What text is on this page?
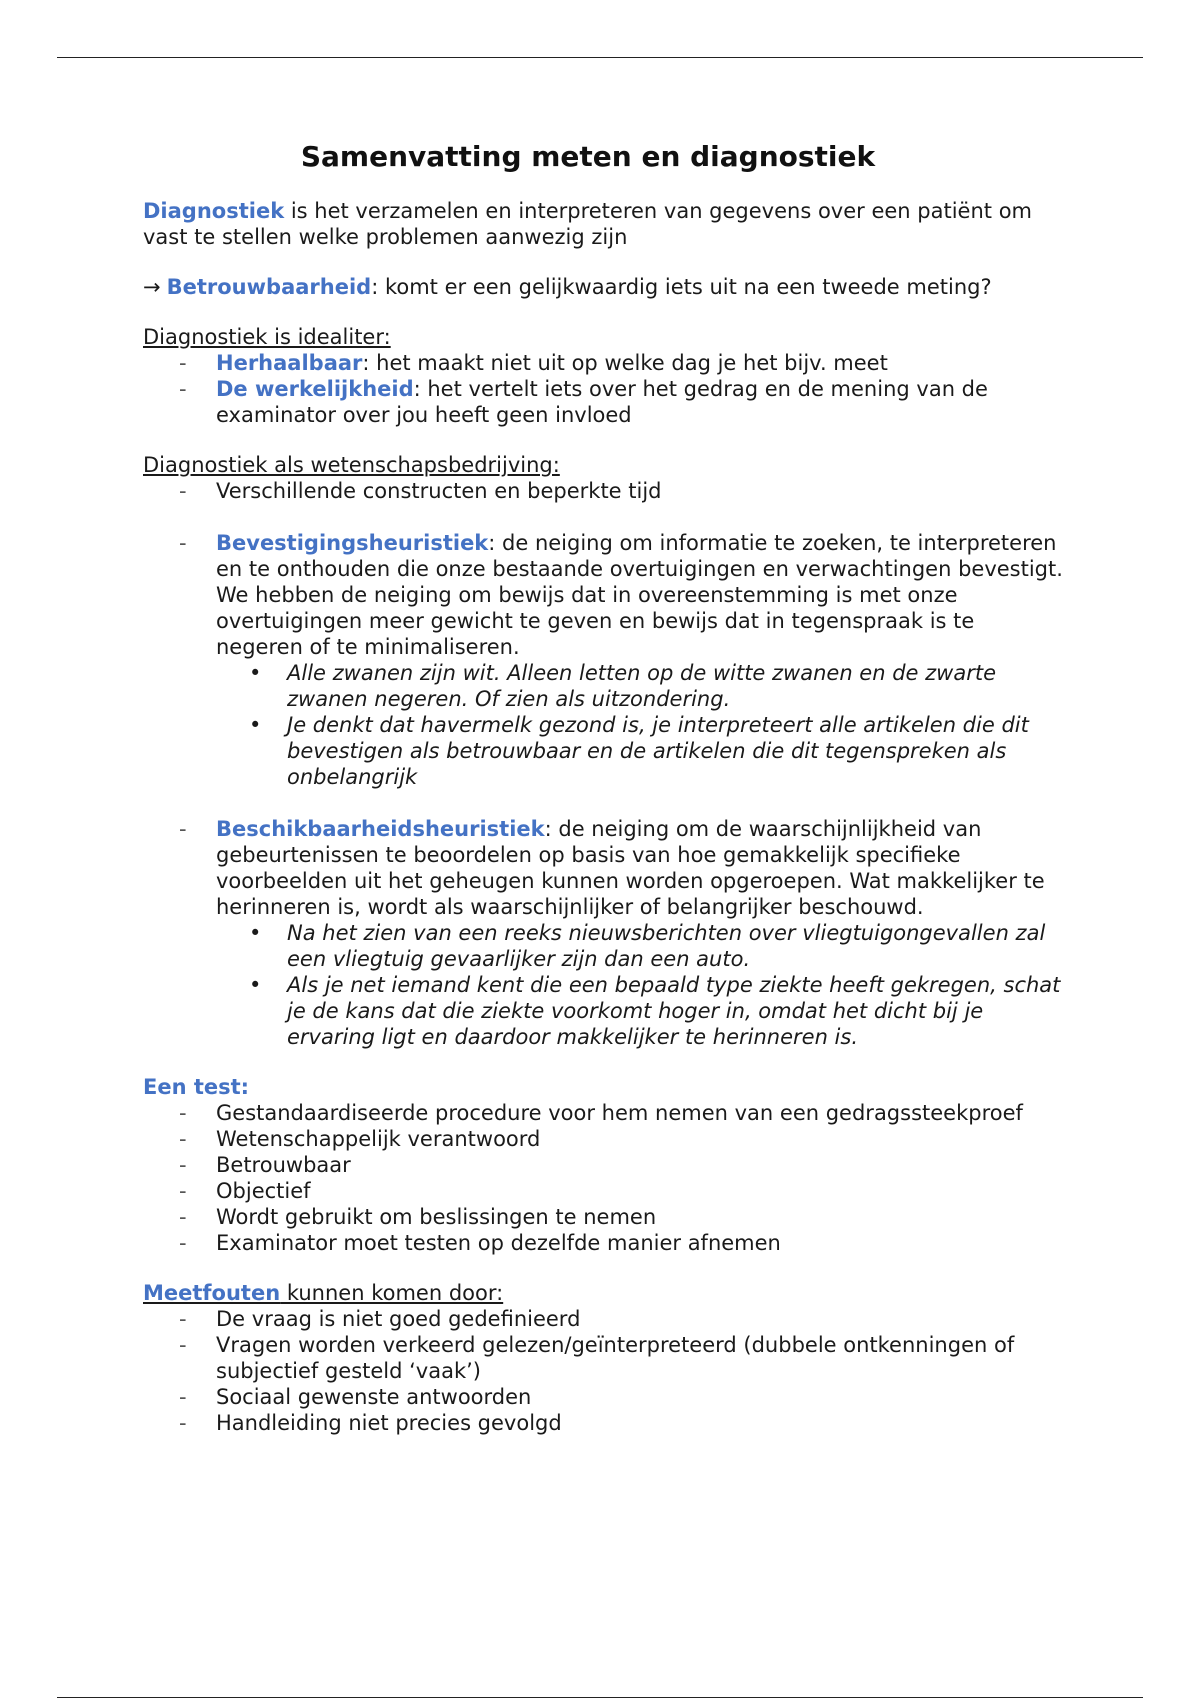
Samenvatting meten en diagnostiek

Diagnostiek is het verzamelen en interpreteren van gegevens over een patiënt om vast te stellen welke problemen aanwezig zijn

→ Betrouwbaarheid: komt er een gelijkwaardig iets uit na een tweede meting?

Diagnostiek is idealiter:

- Herhaalbaar: het maakt niet uit op welke dag je het bijv. meet
- De werkelijkheid: het vertelt iets over het gedrag en de mening van de examinator over jou heeft geen invloed

Diagnostiek als wetenschapsbedrijving:

- Verschillende constructen en beperkte tijd
- Bevestigingsheuristiek: de neiging om informatie te zoeken, te interpreteren en te onthouden die onze bestaande overtuigingen en verwachtingen bevestigt. We hebben de neiging om bewijs dat in overeenstemming is met onze overtuigingen meer gewicht te geven en bewijs dat in tegenspraak is te negeren of te minimaliseren.
• Alle zwanen zijn wit. Alleen letten op de witte zwanen en de zwarte zwanen negeren. Of zien als uitzondering.
• Je denkt dat havermelk gezond is, je interpreteert alle artikelen die dit bevestigen als betrouwbaar en de artikelen die dit tegenspreken als onbelangrijk
- Beschikbaarheidsheuristiek: de neiging om de waarschijnlijkheid van gebeurtenissen te beoordelen op basis van hoe gemakkelijk specifieke voorbeelden uit het geheugen kunnen worden opgeroepen. Wat makkelijker te herinneren is, wordt als waarschijnlijker of belangrijker beschouwd.
• Na het zien van een reeks nieuwsberichten over vliegtuigongevallen zal een vliegtuig gevaarlijker zijn dan een auto.
• Als je net iemand kent die een bepaald type ziekte heeft gekregen, schat je de kans dat die ziekte voorkomt hoger in, omdat het dicht bij je ervaring ligt en daardoor makkelijker te herinneren is.

Een test:

- Gestandaardiseerde procedure voor hem nemen van een gedragssteekproef
- Wetenschappelijk verantwoord
- Betrouwbaar
- Objectief
- Wordt gebruikt om beslissingen te nemen
- Examinator moet testen op dezelfde manier afnemen

Meetfouten kunnen komen door:

- De vraag is niet goed gedefinieerd
- Vragen worden verkeerd gelezen/geïnterpreteerd (dubbele ontkenningen of subjectief gesteld ‘vaak’)
- Sociaal gewenste antwoorden
- Handleiding niet precies gevolgd
